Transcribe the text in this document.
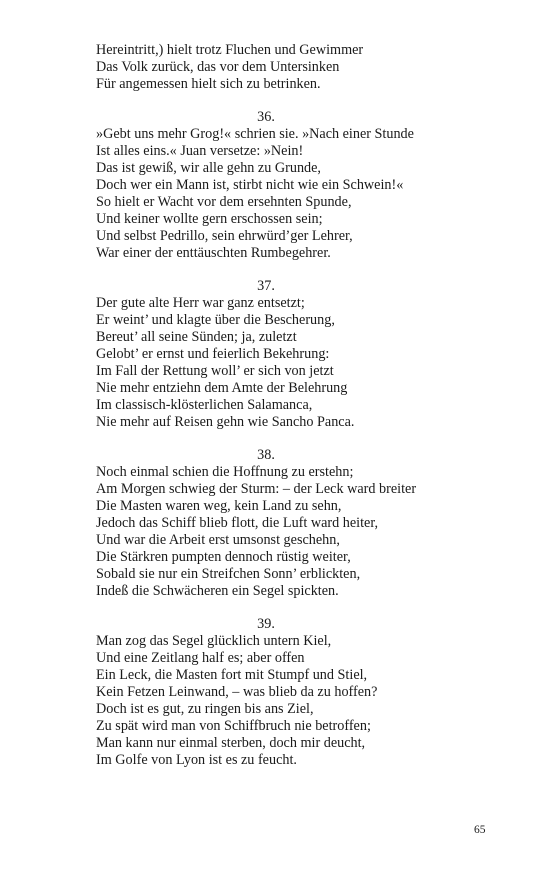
Hereintritt,) hielt trotz Fluchen und Gewimmer
Das Volk zurück, das vor dem Untersinken
Für angemessen hielt sich zu betrinken.
36.
»Gebt uns mehr Grog!« schrien sie. »Nach einer Stunde
Ist alles eins.« Juan versetze: »Nein!
Das ist gewiß, wir alle gehn zu Grunde,
Doch wer ein Mann ist, stirbt nicht wie ein Schwein!«
So hielt er Wacht vor dem ersehnten Spunde,
Und keiner wollte gern erschossen sein;
Und selbst Pedrillo, sein ehrwürd’ger Lehrer,
War einer der enttäuschten Rumbegehrer.
37.
Der gute alte Herr war ganz entsetzt;
Er weint’ und klagte über die Bescherung,
Bereut’ all seine Sünden; ja, zuletzt
Gelobt’ er ernst und feierlich Bekehrung:
Im Fall der Rettung woll’ er sich von jetzt
Nie mehr entziehn dem Amte der Belehrung
Im classisch-klösterlichen Salamanca,
Nie mehr auf Reisen gehn wie Sancho Panca.
38.
Noch einmal schien die Hoffnung zu erstehn;
Am Morgen schwieg der Sturm: – der Leck ward breiter
Die Masten waren weg, kein Land zu sehn,
Jedoch das Schiff blieb flott, die Luft ward heiter,
Und war die Arbeit erst umsonst geschehn,
Die Stärkren pumpten dennoch rüstig weiter,
Sobald sie nur ein Streifchen Sonn’ erblickten,
Indeß die Schwächeren ein Segel spickten.
39.
Man zog das Segel glücklich untern Kiel,
Und eine Zeitlang half es; aber offen
Ein Leck, die Masten fort mit Stumpf und Stiel,
Kein Fetzen Leinwand, – was blieb da zu hoffen?
Doch ist es gut, zu ringen bis ans Ziel,
Zu spät wird man von Schiffbruch nie betroffen;
Man kann nur einmal sterben, doch mir deucht,
Im Golfe von Lyon ist es zu feucht.
65
